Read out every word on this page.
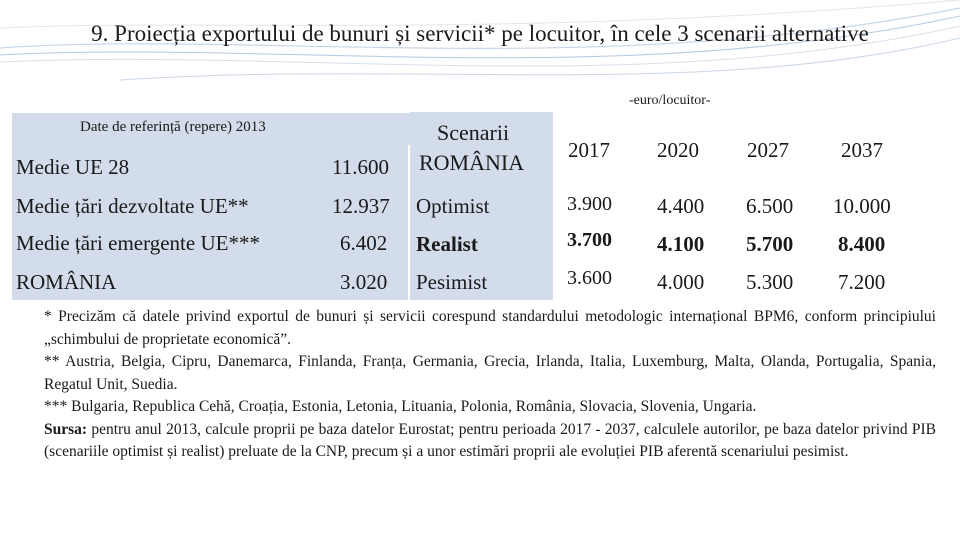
9. Proiecția exportului de bunuri și servicii* pe locuitor, în cele 3 scenarii alternative
-euro/locuitor-
Date de referință (repere) 2013
Medie UE 28	11.600
Medie țări dezvoltate UE**	12.937
Medie țări emergente UE***	6.402
ROMÂNIA	3.020
Scenarii
ROMÂNIA 2017 2020 2027 2037
Optimist	3.900 4.400 6.500 10.000
Realist	3.700 4.100 5.700 8.400
Pesimist	3.600 4.000 5.300 7.200

* Precizăm că datele privind exportul de bunuri și servicii corespund standardului metodologic internațional BPM6, conform principiului „schimbului de proprietate economică”.

** Austria, Belgia, Cipru, Danemarca, Finlanda, Franța, Germania, Grecia, Irlanda, Italia, Luxemburg, Malta, Olanda, Portugalia, Spania, Regatul Unit, Suedia.

*** Bulgaria, Republica Cehă, Croația, Estonia, Letonia, Lituania, Polonia, România, Slovacia, Slovenia, Ungaria.

Sursa: pentru anul 2013, calcule proprii pe baza datelor Eurostat; pentru perioada 2017 - 2037, calculele autorilor, pe baza datelor privind PIB (scenariile optimist și realist) preluate de la CNP, precum și a unor estimări proprii ale evoluției PIB aferentă scenariului pesimist.
